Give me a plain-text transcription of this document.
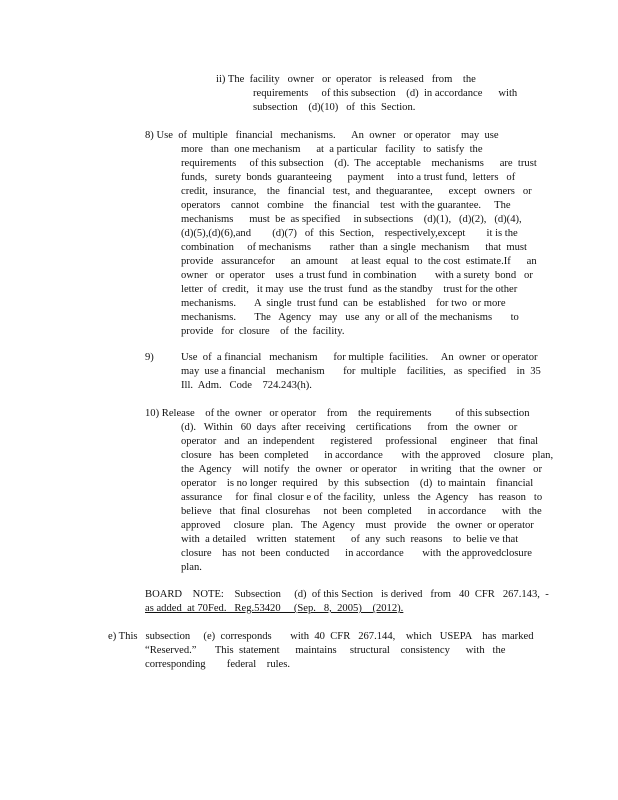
ii) The  facility   owner   or  operator   is released   from    the
requirements     of this subsection    (d)  in accordance      with
subsection    (d)(10)   of  this  Section.
8) Use  of  multiple   financial   mechanisms.      An  owner   or operator    may  use
more   than  one mechanism      at  a particular   facility   to  satisfy  the
requirements     of this subsection    (d).  The  acceptable    mechanisms      are  trust
funds,   surety  bonds  guaranteeing      payment     into a trust fund,  letters   of
credit,  insurance,    the   financial   test,  and  theguarantee,      except   owners   or
operators    cannot   combine    the  financial    test  with the guarantee.     The
mechanisms      must  be  as specified     in subsections    (d)(1),   (d)(2),   (d)(4),
(d)(5),(d)(6),and        (d)(7)   of  this  Section,    respectively,except        it is the
combination     of mechanisms       rather  than  a single  mechanism      that  must
provide   assurancefor      an  amount     at least  equal  to  the cost  estimate.If      an
owner   or  operator    uses  a trust fund  in combination       with a surety  bond   or
letter  of  credit,   it may  use  the trust  fund  as the standby    trust for the other
mechanisms.       A  single  trust fund  can  be  established    for two  or more
mechanisms.       The   Agency   may   use  any  or all of  the mechanisms       to
provide   for  closure    of  the  facility.
9)	Use  of  a financial   mechanism      for multiple  facilities.     An  owner  or operator
may  use a financial    mechanism       for  multiple    facilities,   as  specified    in  35
Ill.  Adm.   Code    724.243(h).
10) Release    of the  owner   or operator    from    the  requirements         of this subsection
(d).   Within   60  days  after  receiving    certifications      from   the  owner   or
operator   and   an  independent      registered     professional     engineer    that  final
closure   has  been  completed      in accordance       with  the approved     closure   plan,
the  Agency    will  notify   the  owner   or operator     in writing   that  the  owner   or
operator    is no longer  required    by  this  subsection    (d)  to maintain    financial
assurance     for  final  closur e of  the facility,   unless   the  Agency    has  reason   to
believe   that  final  closurehas     not  been  completed      in accordance      with   the
approved     closure   plan.   The  Agency    must   provide    the  owner  or operator
with  a detailed    written   statement      of  any  such  reasons    to  belie ve that
closure    has  not  been  conducted      in accordance       with  the approvedclosure
plan.
BOARD    NOTE:    Subsection     (d)  of this Section   is derived   from   40  CFR   267.143,  -
as added  at 70Fed.   Reg.53420     (Sep.   8,  2005)    (2012).
e) This   subsection     (e)  corresponds       with  40  CFR   267.144,    which   USEPA    has  marked
“Reserved.”       This  statement      maintains     structural    consistency      with   the
corresponding        federal    rules.
